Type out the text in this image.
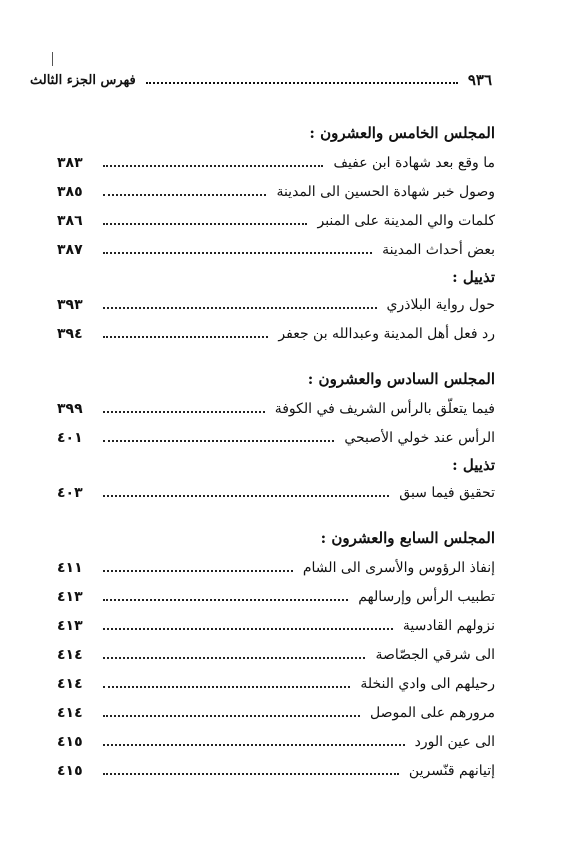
٩٣٦
فهرس الجزء الثالث
المجلس الخامس والعشرون :
ما وقع بعد شهادة ابن عفيف
٣٨٣
وصول خبر شهادة الحسين الى المدينة
٣٨٥
كلمات والي المدينة على المنبر
٣٨٦
بعض أحداث المدينة
٣٨٧
تذييل :
حول رواية البلاذري
٣٩٣
رد فعل أهل المدينة وعبدالله بن جعفر
٣٩٤
المجلس السادس والعشرون :
فيما يتعلّق بالرأس الشريف في الكوفة
٣٩٩
الرأس عند خولي الأصبحي
٤٠١
تذييل :
تحقيق فيما سبق
٤٠٣
المجلس السابع والعشرون :
إنفاذ الرؤوس والأسرى الى الشام
٤١١
تطبيب الرأس وإرسالهم
٤١٣
نزولهم القادسية
٤١٣
الى شرقي الجصّاصة
٤١٤
رحيلهم الى وادي النخلة
٤١٤
مرورهم على الموصل
٤١٤
الى عين الورد
٤١٥
إتيانهم قنّسرين
٤١٥
